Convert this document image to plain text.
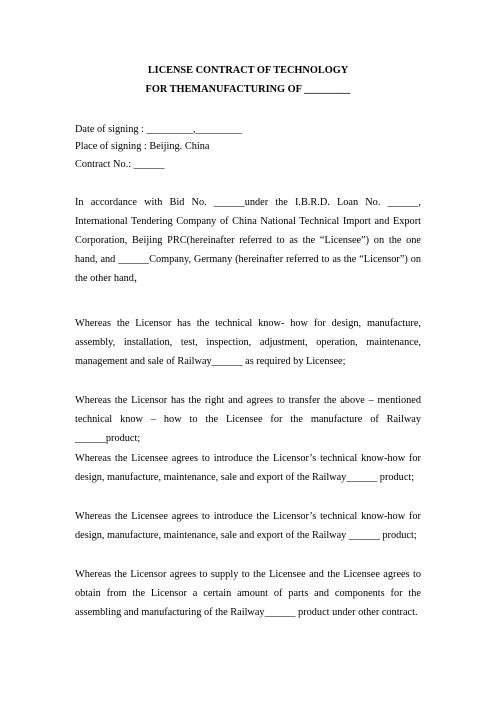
LICENSE CONTRACT OF TECHNOLOGY
FOR THEMANUFACTURING OF _________
Date of signing : _________,_________
Place of signing : Beijing. China
Contract No.: ______
In accordance with Bid No. ______under the I.B.R.D. Loan No. ______, International Tendering Company of China National Technical Import and Export Corporation, Beijing PRC(hereinafter referred to as the “Licensee”) on the one hand, and ______Company, Germany (hereinafter referred to as the “Licensor”) on the other hand，
Whereas the Licensor has the technical know- how for design, manufacture, assembly, installation, test, inspection, adjustment, operation, maintenance, management and sale of Railway______ as required by Licensee;
Whereas the Licensor has the right and agrees to transfer the above – mentioned technical know – how to the Licensee for the manufacture of Railway ______product;
Whereas the Licensee agrees to introduce the Licensor’s technical know-how for design, manufacture, maintenance, sale and export of the Railway______ product;
Whereas the Licensee agrees to introduce the Licensor’s technical know-how for design, manufacture, maintenance, sale and export of the Railway ______ product;
Whereas the Licensor agrees to supply to the Licensee and the Licensee agrees to obtain from the Licensor a certain amount of parts and components for the assembling and manufacturing of the Railway______ product under other contract.
